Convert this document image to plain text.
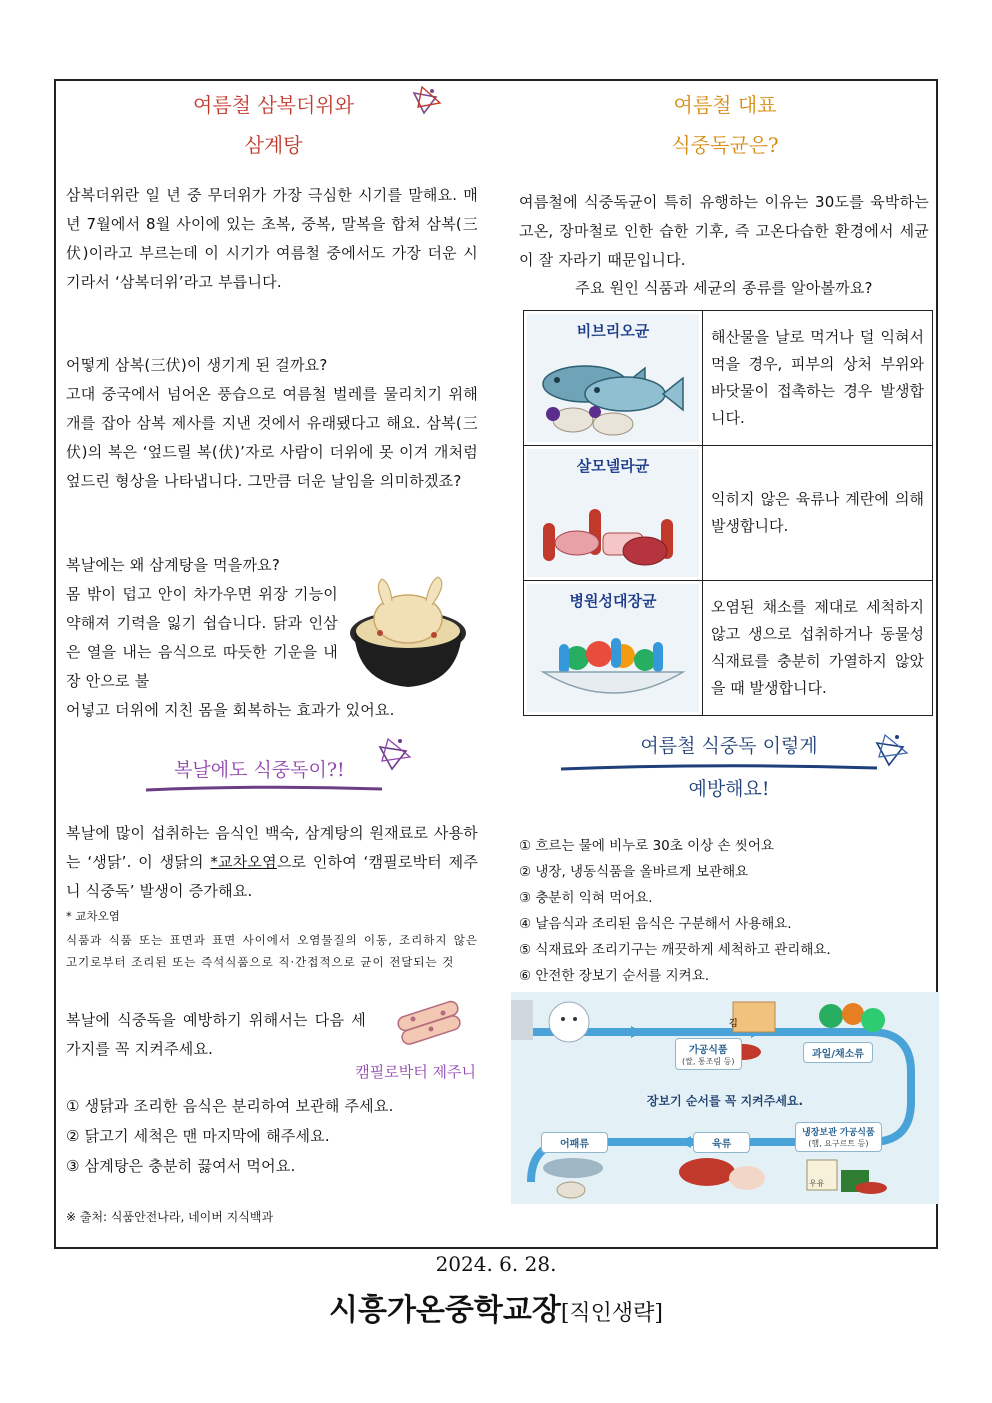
여름철 삼복더위와
삼계탕
삼복더위란 일 년 중 무더위가 가장 극심한 시기를 말해요. 매년 7월에서 8월 사이에 있는 초복, 중복, 말복을 합쳐 삼복(三伏)이라고 부르는데 이 시기가 여름철 중에서도 가장 더운 시기라서 ‘삼복더위’라고 부릅니다.
어떻게 삼복(三伏)이 생기게 된 걸까요?
고대 중국에서 넘어온 풍습으로 여름철 벌레를 물리치기 위해 개를 잡아 삼복 제사를 지낸 것에서 유래됐다고 해요. 삼복(三伏)의 복은 ‘엎드릴 복(伏)’자로 사람이 더위에 못 이겨 개처럼 엎드린 형상을 나타냅니다. 그만큼 더운 날임을 의미하겠죠?
복날에는 왜 삼계탕을 먹을까요?
몸 밖이 덥고 안이 차가우면 위장 기능이 약해져 기력을 잃기 쉽습니다. 닭과 인삼은 열을 내는 음식으로 따듯한 기운을 내장 안으로 불
어넣고 더위에 지친 몸을 회복하는 효과가 있어요.
복날에도 식중독이?!
복날에 많이 섭취하는 음식인 백숙, 삼계탕의 원재료로 사용하는 ‘생닭’. 이 생닭의 *교차오염으로 인하여 ‘캠필로박터 제주니 식중독’ 발생이 증가해요.
* 교차오염
식품과 식품 또는 표면과 표면 사이에서 오염물질의 이동, 조리하지 않은 고기로부터 조리된 또는 즉석식품으로 직·간접적으로 균이 전달되는 것
복날에 식중독을 예방하기 위해서는 다음 세 가지를 꼭 지켜주세요.
캠필로박터 제주니
① 생닭과 조리한 음식은 분리하여 보관해 주세요.
② 닭고기 세척은 맨 마지막에 해주세요.
③ 삼계탕은 충분히 끓여서 먹어요.
※ 출처: 식품안전나라, 네이버 지식백과
여름철 대표
식중독균은?
여름철에 식중독균이 특히 유행하는 이유는 30도를 육박하는 고온, 장마철로 인한 습한 기후, 즉 고온다습한 환경에서 세균이 잘 자라기 때문입니다.
주요 원인 식품과 세균의 종류를 알아볼까요?
비브리오균	해산물을 날로 먹거나 덜 익혀서 먹을 경우, 피부의 상처 부위와 바닷물이 접촉하는 경우 발생합니다.

살모넬라균	익히지 않은 육류나 계란에 의해 발생합니다.

병원성대장균	오염된 채소를 제대로 세척하지 않고 생으로 섭취하거나 동물성 식재료를 충분히 가열하지 않았을 때 발생합니다.
여름철 식중독 이렇게
예방해요!
① 흐르는 물에 비누로 30초 이상 손 씻어요
② 냉장, 냉동식품을 올바르게 보관해요
③ 충분히 익혀 먹어요.
④ 날음식과 조리된 음식은 구분해서 사용해요.
⑤ 식재료와 조리기구는 깨끗하게 세척하고 관리해요.
⑥ 안전한 장보기 순서를 지켜요.
김
우유
가공식품
(쌀, 통조림 등)
과일/채소류
장보기 순서를 꼭 지켜주세요.
냉장보관 가공식품
(햄, 요구르트 등)
육류
어패류
2024. 6. 28.
시흥가온중학교장[직인생략]
